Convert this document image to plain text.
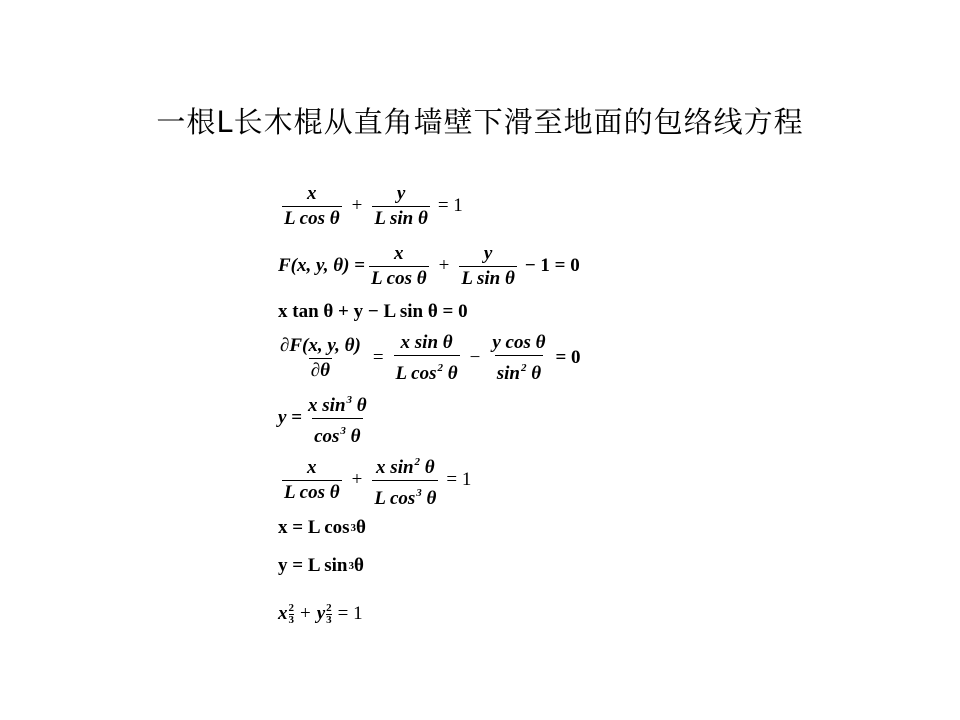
一根L长木棍从直角墙壁下滑至地面的包络线方程
$\frac{x}{\text{L cos θ}} + \frac{y}{\text{L sin θ}} = 1$
F(x, y, $\theta) = \frac{x}{\text{L cos θ}} + \frac{y}{\text{L sin θ}} - 1 = 0$
x tan θ + y − L sin θ = 0
$\frac{\partial F(x, y, \theta)}{\partial\theta} = \frac{\text{x sin θ}}{L \cos^2 \theta} - \frac{\text{y cos θ}}{\sin^2 \theta} = 0$
$y = \frac{x \sin^3 \theta}{\cos^3 \theta}$
$\frac{x}{\text{L cos θ}} + \frac{x \sin^2 \theta}{L \cos^3 \theta} = 1$
x = L cos 3 θ
y = L sin 3 θ
x 2
3 + y $\frac{2}{3} = 1$
